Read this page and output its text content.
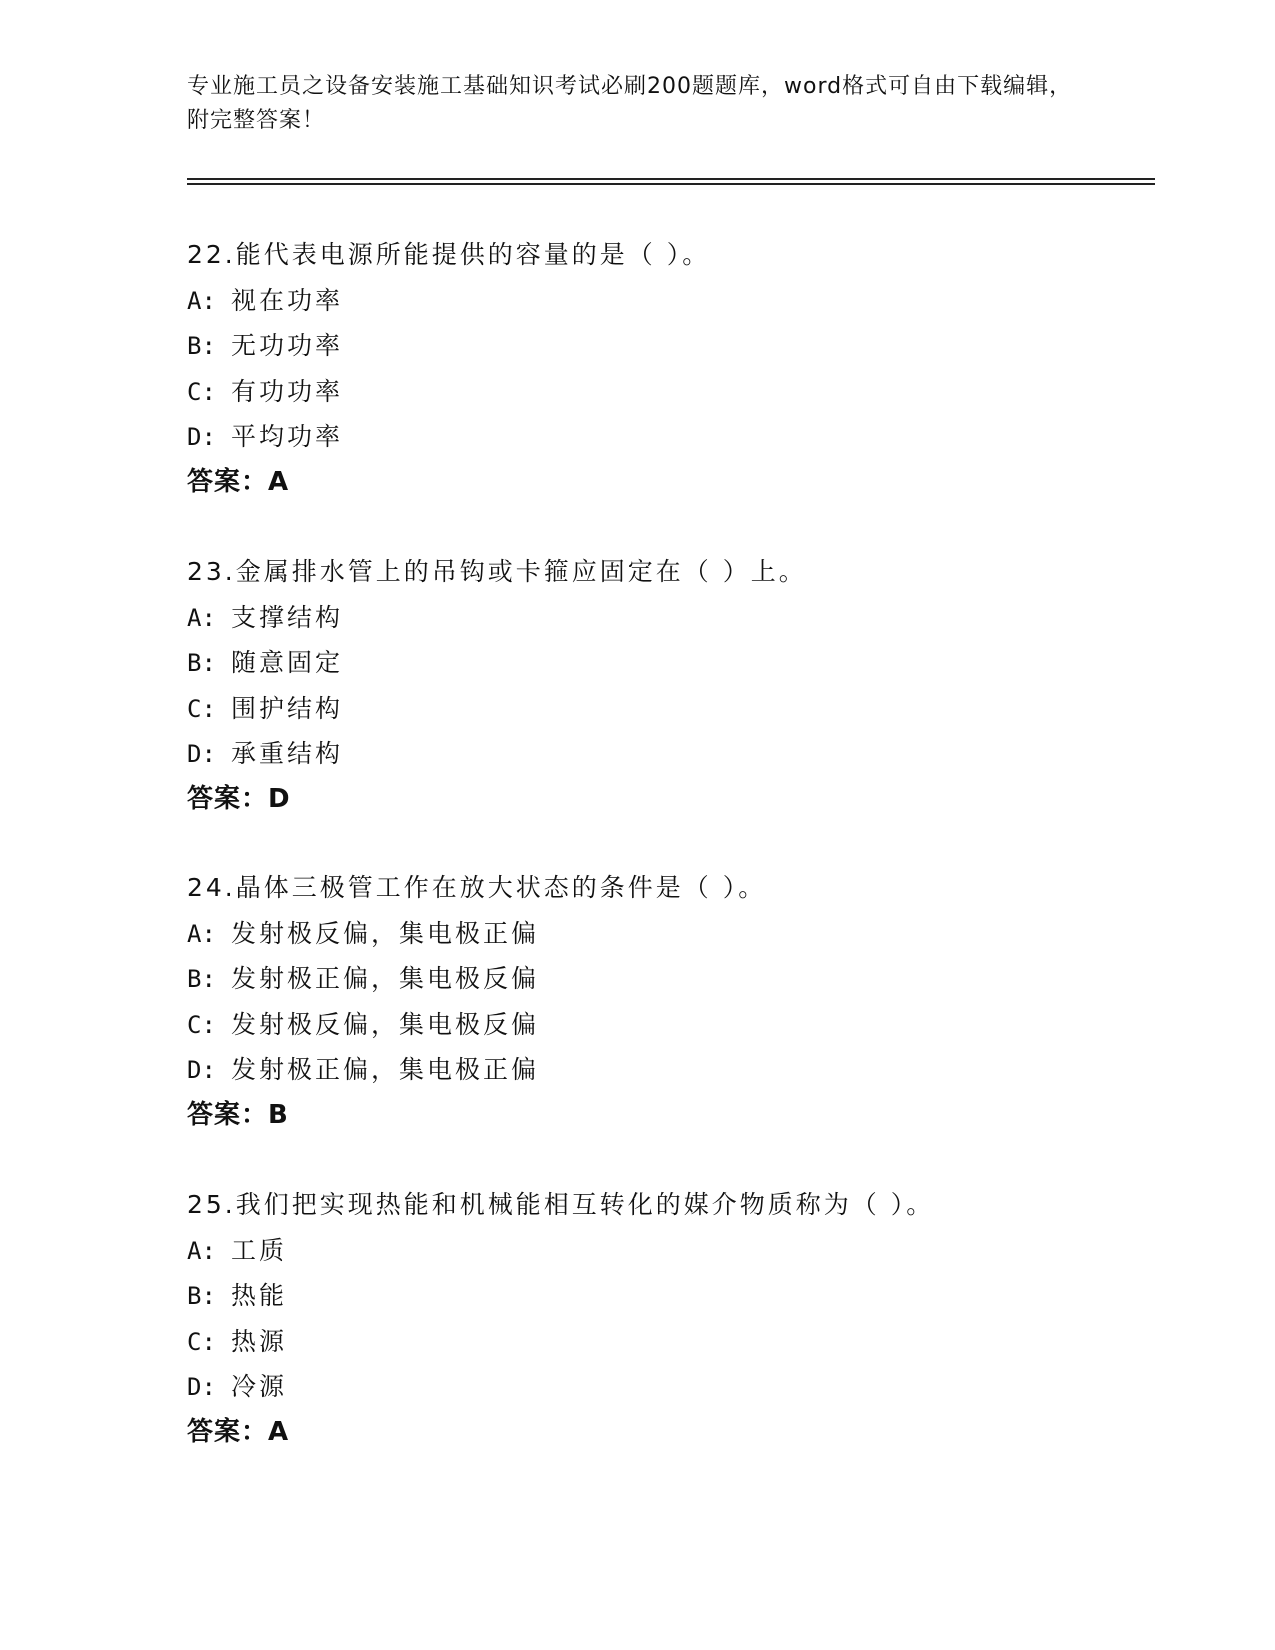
专业施工员之设备安装施工基础知识考试必刷200题题库，word格式可自由下载编辑，附完整答案！
22.能代表电源所能提供的容量的是（ ）。
A: 视在功率
B: 无功功率
C: 有功功率
D: 平均功率
答案：A
23.金属排水管上的吊钩或卡箍应固定在（ ）上。
A: 支撑结构
B: 随意固定
C: 围护结构
D: 承重结构
答案：D
24.晶体三极管工作在放大状态的条件是（ ）。
A: 发射极反偏，集电极正偏
B: 发射极正偏，集电极反偏
C: 发射极反偏，集电极反偏
D: 发射极正偏，集电极正偏
答案：B
25.我们把实现热能和机械能相互转化的媒介物质称为（ ）。
A: 工质
B: 热能
C: 热源
D: 冷源
答案：A
